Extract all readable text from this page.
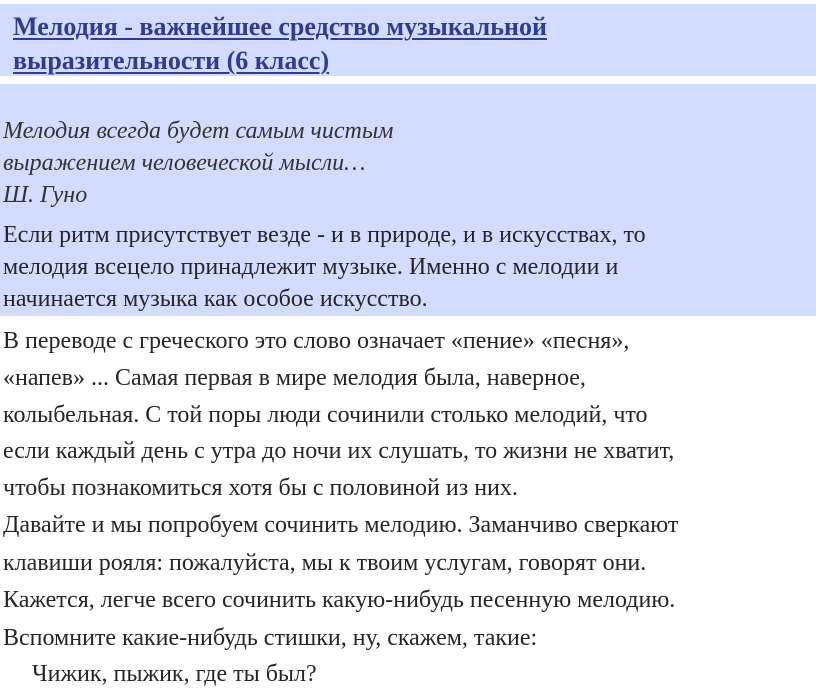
Мелодия - важнейшее средство музыкальной
выразительности (6 класс)
Мелодия всегда будет самым чистым
выражением человеческой мысли…
Ш. Гуно
Если ритм присутствует везде - и в природе, и в искусствах, то
мелодия всецело принадлежит музыке. Именно с мелодии и
начинается музыка как особое искусство.
В переводе с греческого это слово означает «пение» «песня»,
«напев» ... Самая первая в мире мелодия была, наверное,
колыбельная. С той поры люди сочинили столько мелодий, что
если каждый день с утра до ночи их слушать, то жизни не хватит,
чтобы познакомиться хотя бы с половиной из них.
Давайте и мы попробуем сочинить мелодию. Заманчиво сверкают
клавиши рояля: пожалуйста, мы к твоим услугам, говорят они.
Кажется, легче всего сочинить какую-нибудь песенную мелодию.
Вспомните какие-нибудь стишки, ну, скажем, такие:
Чижик, пыжик, где ты был?
